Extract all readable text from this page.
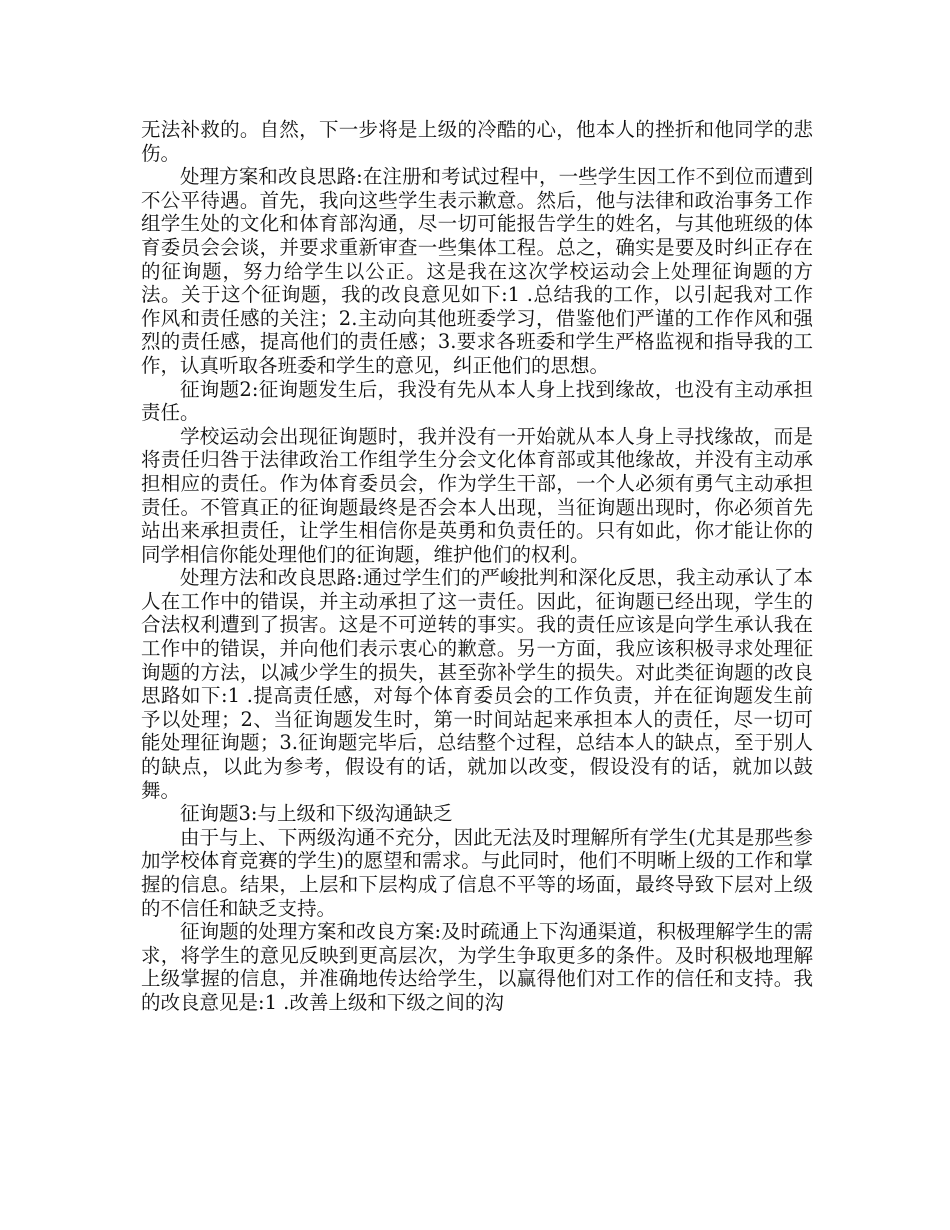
无法补救的。自然，下一步将是上级的冷酷的心，他本人的挫折和他同学的悲伤。

处理方案和改良思路:在注册和考试过程中，一些学生因工作不到位而遭到不公平待遇。首先，我向这些学生表示歉意。然后，他与法律和政治事务工作组学生处的文化和体育部沟通，尽一切可能报告学生的姓名，与其他班级的体育委员会会谈，并要求重新审查一些集体工程。总之，确实是要及时纠正存在的征询题，努力给学生以公正。这是我在这次学校运动会上处理征询题的方法。关于这个征询题，我的改良意见如下:1 .总结我的工作，以引起我对工作作风和责任感的关注；2.主动向其他班委学习，借鉴他们严谨的工作作风和强烈的责任感，提高他们的责任感；3.要求各班委和学生严格监视和指导我的工作，认真听取各班委和学生的意见，纠正他们的思想。

征询题2:征询题发生后，我没有先从本人身上找到缘故，也没有主动承担责任。

学校运动会出现征询题时，我并没有一开始就从本人身上寻找缘故，而是将责任归咎于法律政治工作组学生分会文化体育部或其他缘故，并没有主动承担相应的责任。作为体育委员会，作为学生干部，一个人必须有勇气主动承担责任。不管真正的征询题最终是否会本人出现，当征询题出现时，你必须首先站出来承担责任，让学生相信你是英勇和负责任的。只有如此，你才能让你的同学相信你能处理他们的征询题，维护他们的权利。

处理方法和改良思路:通过学生们的严峻批判和深化反思，我主动承认了本人在工作中的错误，并主动承担了这一责任。因此，征询题已经出现，学生的合法权利遭到了损害。这是不可逆转的事实。我的责任应该是向学生承认我在工作中的错误，并向他们表示衷心的歉意。另一方面，我应该积极寻求处理征询题的方法，以减少学生的损失，甚至弥补学生的损失。对此类征询题的改良思路如下:1 .提高责任感，对每个体育委员会的工作负责，并在征询题发生前予以处理；2、当征询题发生时，第一时间站起来承担本人的责任，尽一切可能处理征询题；3.征询题完毕后，总结整个过程，总结本人的缺点，至于别人的缺点，以此为参考，假设有的话，就加以改变，假设没有的话，就加以鼓舞。

征询题3:与上级和下级沟通缺乏

由于与上、下两级沟通不充分，因此无法及时理解所有学生(尤其是那些参加学校体育竞赛的学生)的愿望和需求。与此同时，他们不明晰上级的工作和掌握的信息。结果，上层和下层构成了信息不平等的场面，最终导致下层对上级的不信任和缺乏支持。

征询题的处理方案和改良方案:及时疏通上下沟通渠道，积极理解学生的需求，将学生的意见反映到更高层次，为学生争取更多的条件。及时积极地理解上级掌握的信息，并准确地传达给学生，以赢得他们对工作的信任和支持。我的改良意见是:1 .改善上级和下级之间的沟
